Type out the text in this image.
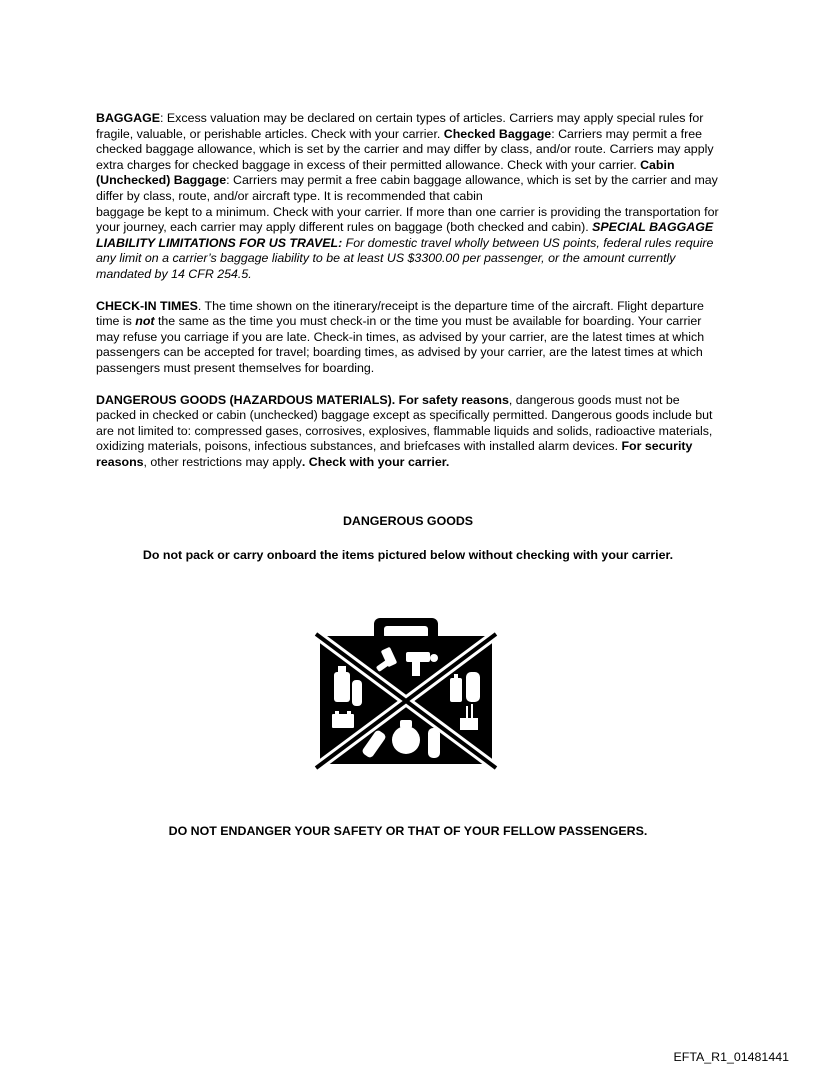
BAGGAGE: Excess valuation may be declared on certain types of articles. Carriers may apply special rules for fragile, valuable, or perishable articles. Check with your carrier. Checked Baggage: Carriers may permit a free checked baggage allowance, which is set by the carrier and may differ by class, and/or route. Carriers may apply extra charges for checked baggage in excess of their permitted allowance. Check with your carrier. Cabin (Unchecked) Baggage: Carriers may permit a free cabin baggage allowance, which is set by the carrier and may differ by class, route, and/or aircraft type. It is recommended that cabin
baggage be kept to a minimum. Check with your carrier. If more than one carrier is providing the transportation for your journey, each carrier may apply different rules on baggage (both checked and cabin). SPECIAL BAGGAGE LIABILITY LIMITATIONS FOR US TRAVEL: For domestic travel wholly between US points, federal rules require any limit on a carrier’s baggage liability to be at least US $3300.00 per passenger, or the amount currently mandated by 14 CFR 254.5.

CHECK-IN TIMES. The time shown on the itinerary/receipt is the departure time of the aircraft. Flight departure time is not the same as the time you must check-in or the time you must be available for boarding. Your carrier may refuse you carriage if you are late. Check-in times, as advised by your carrier, are the latest times at which passengers can be accepted for travel; boarding times, as advised by your carrier, are the latest times at which passengers must present themselves for boarding.

DANGEROUS GOODS (HAZARDOUS MATERIALS). For safety reasons, dangerous goods must not be packed in checked or cabin (unchecked) baggage except as specifically permitted. Dangerous goods include but are not limited to: compressed gases, corrosives, explosives, flammable liquids and solids, radioactive materials, oxidizing materials, poisons, infectious substances, and briefcases with installed alarm devices. For security reasons, other restrictions may apply. Check with your carrier.

DANGEROUS GOODS
Do not pack or carry onboard the items pictured below without checking with your carrier.
DO NOT ENDANGER YOUR SAFETY OR THAT OF YOUR FELLOW PASSENGERS.
EFTA_R1_01481441
